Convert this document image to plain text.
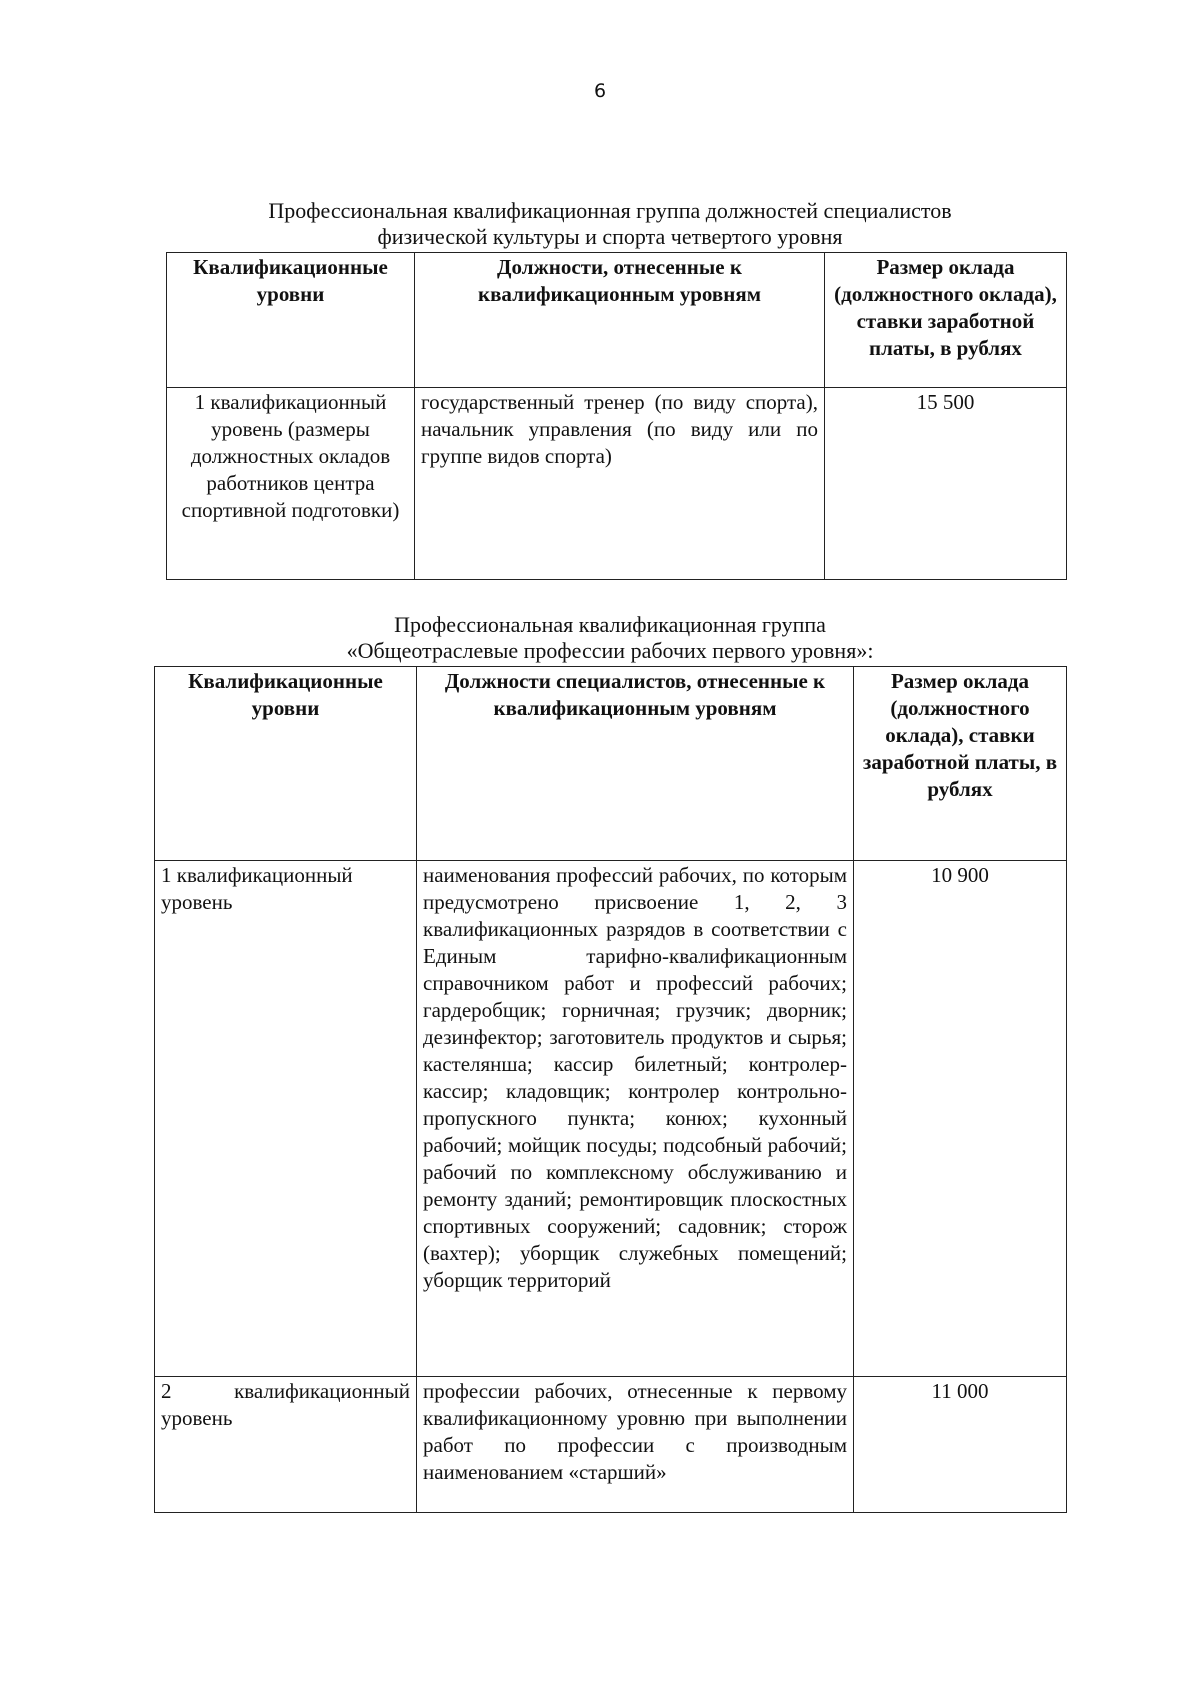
6
Профессиональная квалификационная группа должностей специалистов
физической культуры и спорта четвертого уровня
Квалификационные уровни	Должности, отнесенные к квалификационным уровням	Размер оклада (должностного оклада), ставки заработной платы, в рублях
1 квалификационный уровень (размеры должностных окладов работников центра спортивной подготовки)	государственный тренер (по виду спорта), начальник управления (по виду или по группе видов спорта)	15 500
Профессиональная квалификационная группа
«Общеотраслевые профессии рабочих первого уровня»:
Квалификационные уровни	Должности специалистов, отнесенные к квалификационным уровням	Размер оклада (должностного оклада), ставки заработной платы, в рублях
1 квалификационный уровень	наименования профессий рабочих, по которым предусмотрено присвоение 1, 2, 3 квалификационных разрядов в соответствии с Единым тарифно-квалификационным справочником работ и профессий рабочих; гардеробщик; горничная; грузчик; дворник; дезинфектор; заготовитель продуктов и сырья; кастелянша; кассир билетный; контролер-кассир; кладовщик; контролер контрольно-пропускного пункта; конюх; кухонный рабочий; мойщик посуды; подсобный рабочий; рабочий по комплексному обслуживанию и ремонту зданий; ремонтировщик плоскостных спортивных сооружений; садовник; сторож (вахтер); уборщик служебных помещений; уборщик территорий	10 900
2 квалификационный уровень	профессии рабочих, отнесенные к первому квалификационному уровню при выполнении работ по профессии с производным наименованием «старший»	11 000
